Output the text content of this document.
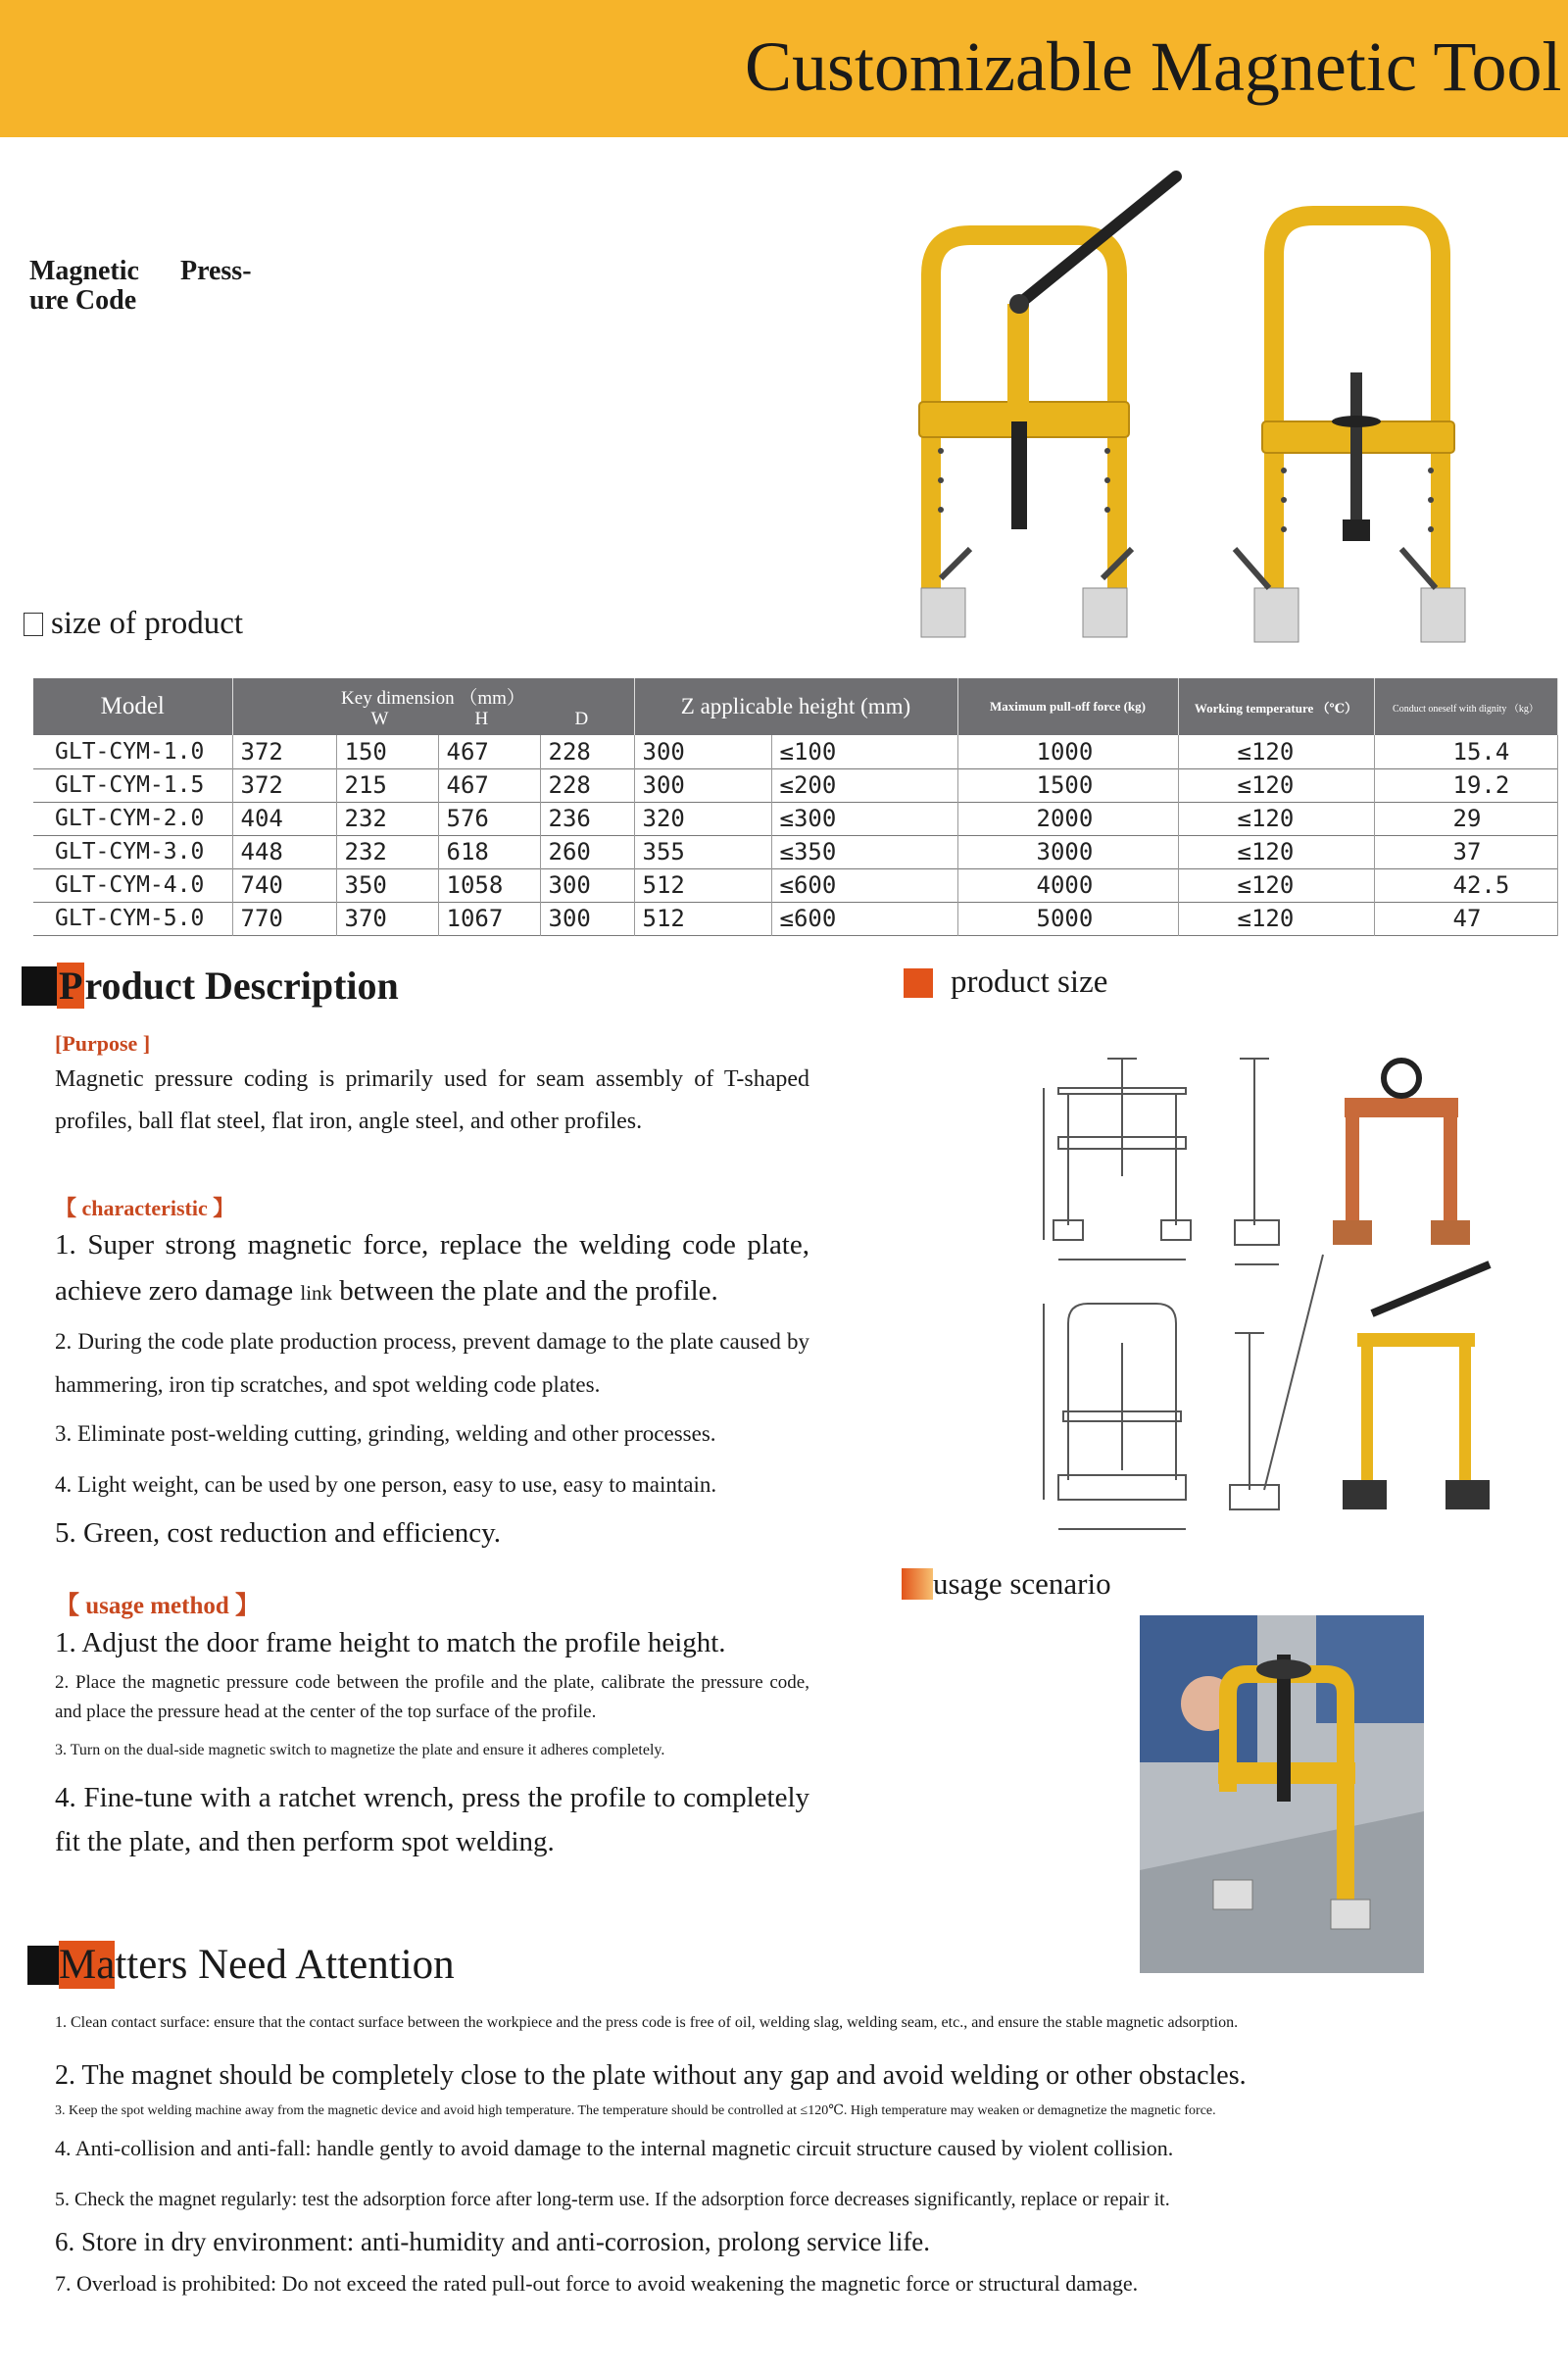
Customizable Magnetic Tool
Magnetic      Press-
ure Code
size of product
Model	Key dimension （mm）
W H D				Z applicable height (mm)		Maximum pull-off force (kg)	Working temperature （℃）	Conduct oneself with dignity （kg）
GLT-CYM-1.0	372	150	467	228	300	≤100	1000	≤120	15.4
GLT-CYM-1.5	372	215	467	228	300	≤200	1500	≤120	19.2
GLT-CYM-2.0	404	232	576	236	320	≤300	2000	≤120	29
GLT-CYM-3.0	448	232	618	260	355	≤350	3000	≤120	37
GLT-CYM-4.0	740	350	1058	300	512	≤600	4000	≤120	42.5
GLT-CYM-5.0	770	370	1067	300	512	≤600	5000	≤120	47
P roduct Description
[Purpose ]
Magnetic pressure coding is primarily used for seam assembly of T-shaped profiles, ball flat steel, flat iron, angle steel, and other profiles.
【 characteristic 】
1. Super strong magnetic force, replace the welding code plate, achieve zero damage link between the plate and the profile.
2. During the code plate production process, prevent damage to the plate caused by hammering, iron tip scratches, and spot welding code plates.
3. Eliminate post-welding cutting, grinding, welding and other processes.
4. Light weight, can be used by one person, easy to use, easy to maintain.
5. Green, cost reduction and efficiency.
【 usage method 】
1. Adjust the door frame height to match the profile height.
2. Place the magnetic pressure code between the profile and the plate, calibrate the pressure code, and place the pressure head at the center of the top surface of the profile.
3. Turn on the dual-side magnetic switch to magnetize the plate and ensure it adheres completely.
4. Fine-tune with a ratchet wrench, press the profile to completely fit the plate, and then perform spot welding.
product size
usage scenario
Ma tters Need Attention

1. Clean contact surface: ensure that the contact surface between the workpiece and the press code is free of oil, welding slag, welding seam, etc., and ensure the stable magnetic adsorption.

2. The magnet should be completely close to the plate without any gap and avoid welding or other obstacles.

3. Keep the spot welding machine away from the magnetic device and avoid high temperature. The temperature should be controlled at ≤120℃. High temperature may weaken or demagnetize the magnetic force.

4. Anti-collision and anti-fall: handle gently to avoid damage to the internal magnetic circuit structure caused by violent collision.

5. Check the magnet regularly: test the adsorption force after long-term use. If the adsorption force decreases significantly, replace or repair it.

6. Store in dry environment: anti-humidity and anti-corrosion, prolong service life.

7. Overload is prohibited: Do not exceed the rated pull-out force to avoid weakening the magnetic force or structural damage.
